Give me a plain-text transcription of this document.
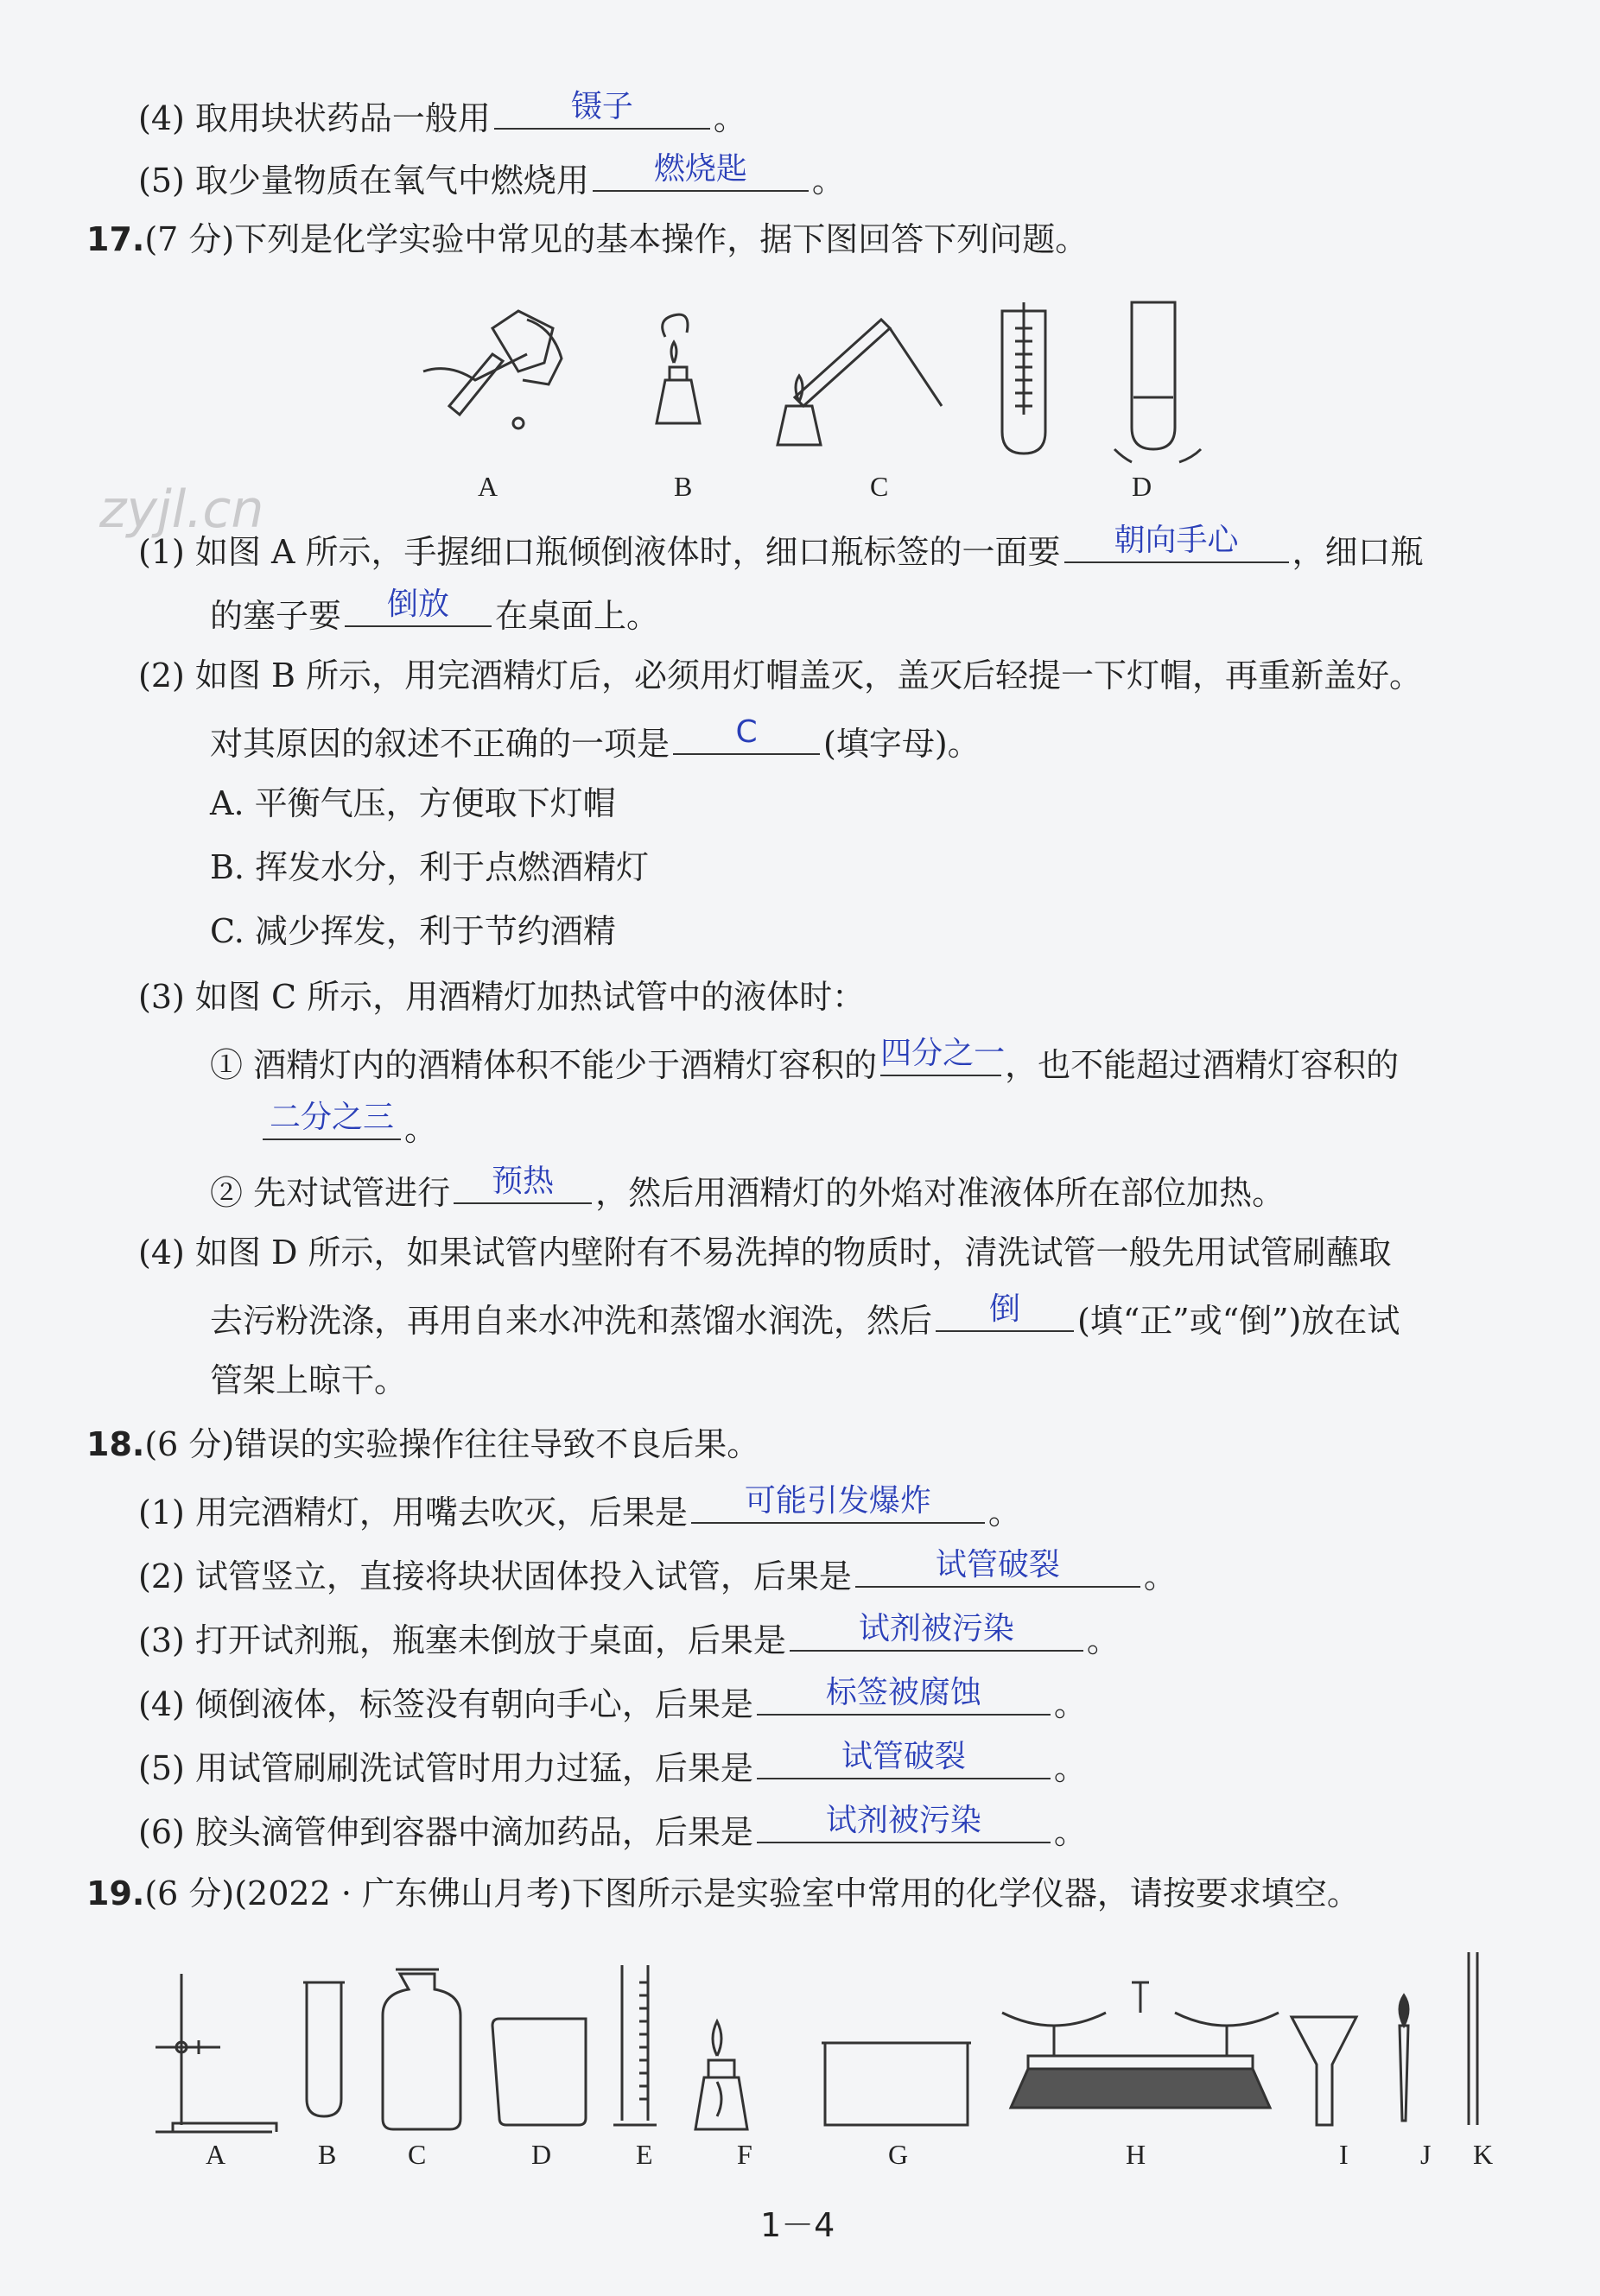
(4) 取用块状药品一般用	镊子	。
(5) 取少量物质在氧气中燃烧用	燃烧匙	。
17.(7 分)下列是化学实验中常见的基本操作，据下图回答下列问题。
A	B	C	D
zyjl.cn
(1) 如图 A 所示，手握细口瓶倾倒液体时，细口瓶标签的一面要	朝向手心	，细口瓶
的塞子要	倒放	在桌面上。
(2) 如图 B 所示，用完酒精灯后，必须用灯帽盖灭，盖灭后轻提一下灯帽，再重新盖好。
对其原因的叙述不正确的一项是	C	(填字母)。
A. 平衡气压，方便取下灯帽
B. 挥发水分，利于点燃酒精灯
C. 减少挥发，利于节约酒精
(3) 如图 C 所示，用酒精灯加热试管中的液体时：
① 酒精灯内的酒精体积不能少于酒精灯容积的 四分之一 ，也不能超过酒精灯容积的
二分之三 。
② 先对试管进行	预热	，然后用酒精灯的外焰对准液体所在部位加热。
(4) 如图 D 所示，如果试管内壁附有不易洗掉的物质时，清洗试管一般先用试管刷蘸取
去污粉洗涤，再用自来水冲洗和蒸馏水润洗，然后	倒	(填“正”或“倒”)放在试
管架上晾干。
18.(6 分)错误的实验操作往往导致不良后果。
(1) 用完酒精灯，用嘴去吹灭，后果是	可能引发爆炸	。
(2) 试管竖立，直接将块状固体投入试管，后果是	试管破裂	。
(3) 打开试剂瓶，瓶塞未倒放于桌面，后果是	试剂被污染	。
(4) 倾倒液体，标签没有朝向手心，后果是	标签被腐蚀	。
(5) 用试管刷刷洗试管时用力过猛，后果是	试管破裂	。
(6) 胶头滴管伸到容器中滴加药品，后果是	试剂被污染	。
19.(6 分)(2022 · 广东佛山月考)下图所示是实验室中常用的化学仪器，请按要求填空。
A	B	C	D	E	F	G	H	I	J K
1－4
